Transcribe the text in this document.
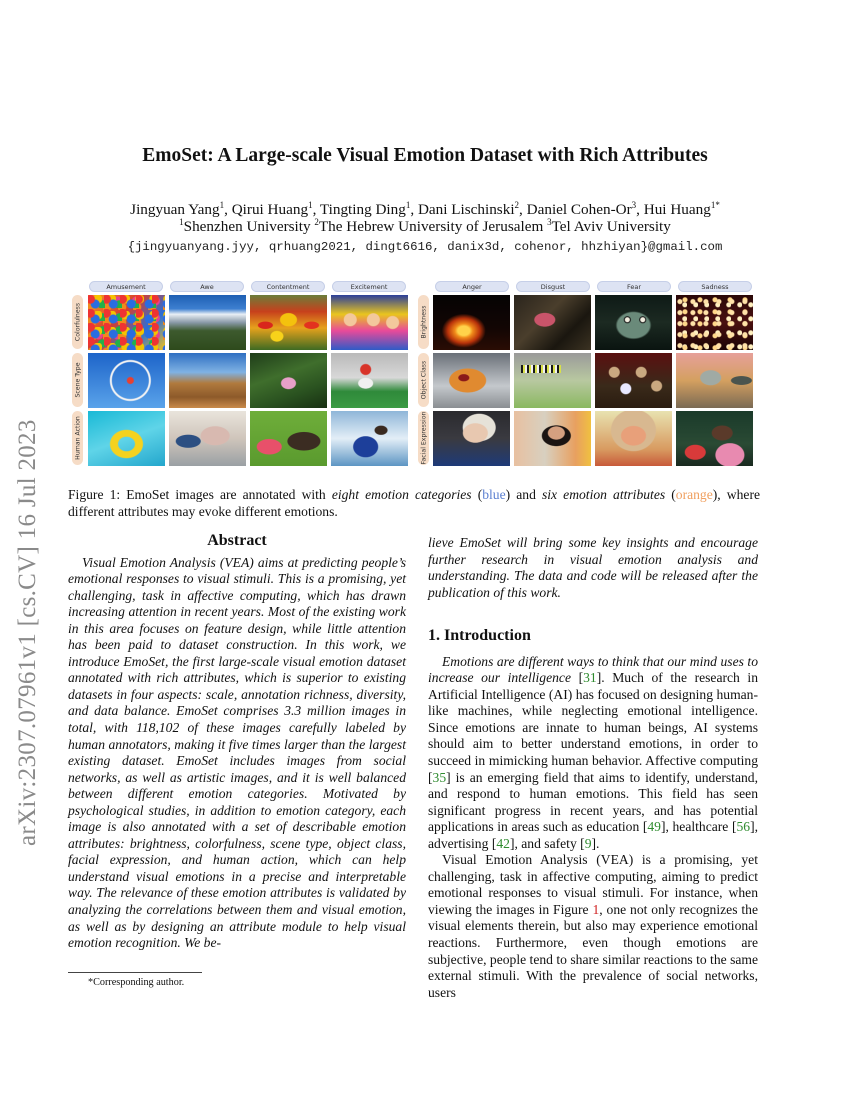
arXiv:2307.07961v1 [cs.CV] 16 Jul 2023
EmoSet: A Large-scale Visual Emotion Dataset with Rich Attributes
Jingyuan Yang$^1$, Qirui Huang$^1$, Tingting Ding$^1$, Dani Lischinski$^2$, Daniel Cohen-Or$^3$, Hui Huang$^{1*}$
$^1$Shenzhen University $^2$The Hebrew University of Jerusalem $^3$Tel Aviv University
{jingyuanyang.jyy, qrhuang2021, dingt6616, danix3d, cohenor, hhzhiyan}@gmail.com
Amusement	Awe	Contentment	Excitement	Anger	Disgust	Fear	Sadness
Colorfulness
Scene Type
Human Action
Brightness
Object Class
Facial Expression
Figure 1: EmoSet images are annotated with eight emotion categories (blue) and six emotion attributes (orange), where different attributes may evoke different emotions.
Abstract

Visual Emotion Analysis (VEA) aims at predicting people’s emotional responses to visual stimuli. This is a promising, yet challenging, task in affective computing, which has drawn increasing attention in recent years. Most of the existing work in this area focuses on feature design, while little attention has been paid to dataset construction. In this work, we introduce EmoSet, the first large-scale visual emotion dataset annotated with rich attributes, which is superior to existing datasets in four aspects: scale, annotation richness, diversity, and data balance. EmoSet comprises 3.3 million images in total, with 118,102 of these images carefully labeled by human annotators, making it five times larger than the largest existing dataset. EmoSet includes images from social networks, as well as artistic images, and it is well balanced between different emotion categories. Motivated by psychological studies, in addition to emotion category, each image is also annotated with a set of describable emotion attributes: brightness, colorfulness, scene type, object class, facial expression, and human action, which can help understand visual emotions in a precise and interpretable way. The relevance of these emotion attributes is validated by analyzing the correlations between them and visual emotion, as well as by designing an attribute module to help visual emotion recognition. We be-

*Corresponding author.

lieve EmoSet will bring some key insights and encourage further research in visual emotion analysis and understanding. The data and code will be released after the publication of this work.

1. Introduction

Emotions are different ways to think that our mind uses to increase our intelligence [31]. Much of the research in Artificial Intelligence (AI) has focused on designing human-like machines, while neglecting emotional intelligence. Since emotions are innate to human beings, AI systems should aim to better understand emotions, in order to succeed in mimicking human behavior. Affective computing [35] is an emerging field that aims to identify, understand, and respond to human emotions. This field has seen significant progress in recent years, and has potential applications in areas such as education [49], healthcare [56], advertising [42], and safety [9].

Visual Emotion Analysis (VEA) is a promising, yet challenging, task in affective computing, aiming to predict emotional responses to visual stimuli. For instance, when viewing the images in Figure 1, one not only recognizes the visual elements therein, but also may experience emotional reactions. Furthermore, even though emotions are subjective, people tend to share similar reactions to the same external stimuli. With the prevalence of social networks, users
